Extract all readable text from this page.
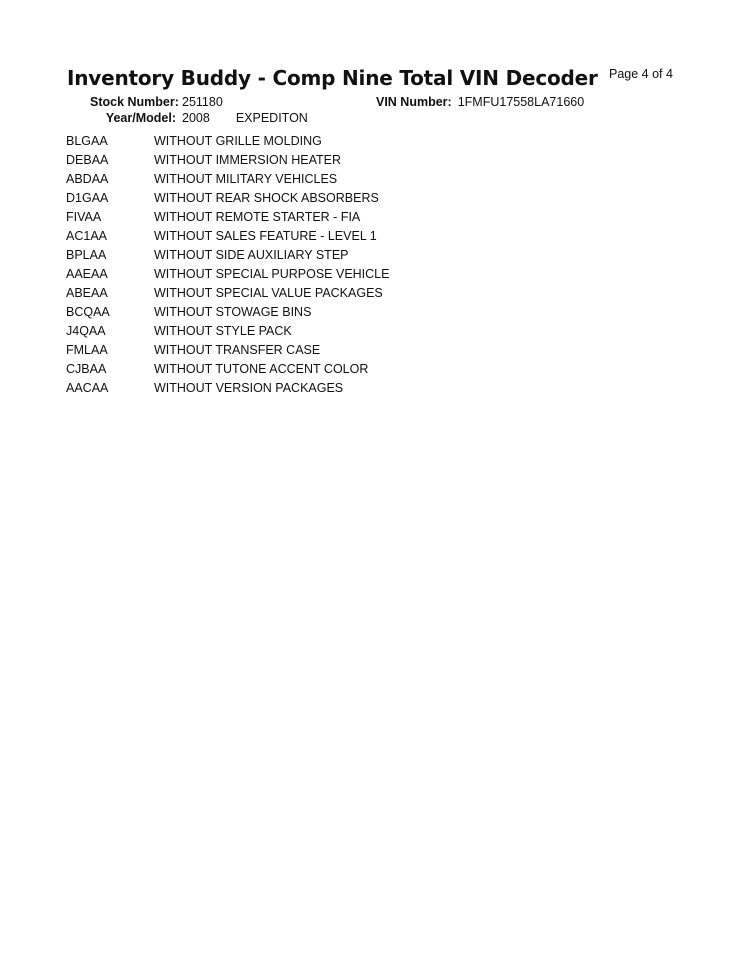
Inventory Buddy - Comp Nine Total VIN Decoder Page 4 of 4
Stock Number: 251180
Year/Model: 2008 EXPEDITON
VIN Number: 1FMFU17558LA71660
BLGAA	WITHOUT GRILLE MOLDING
DEBAA	WITHOUT IMMERSION HEATER
ABDAA	WITHOUT MILITARY VEHICLES
D1GAA	WITHOUT REAR SHOCK ABSORBERS
FIVAA	WITHOUT REMOTE STARTER - FIA
AC1AA	WITHOUT SALES FEATURE - LEVEL 1
BPLAA	WITHOUT SIDE AUXILIARY STEP
AAEAA	WITHOUT SPECIAL PURPOSE VEHICLE
ABEAA	WITHOUT SPECIAL VALUE PACKAGES
BCQAA	WITHOUT STOWAGE BINS
J4QAA	WITHOUT STYLE PACK
FMLAA	WITHOUT TRANSFER CASE
CJBAA	WITHOUT TUTONE ACCENT COLOR
AACAA	WITHOUT VERSION PACKAGES
